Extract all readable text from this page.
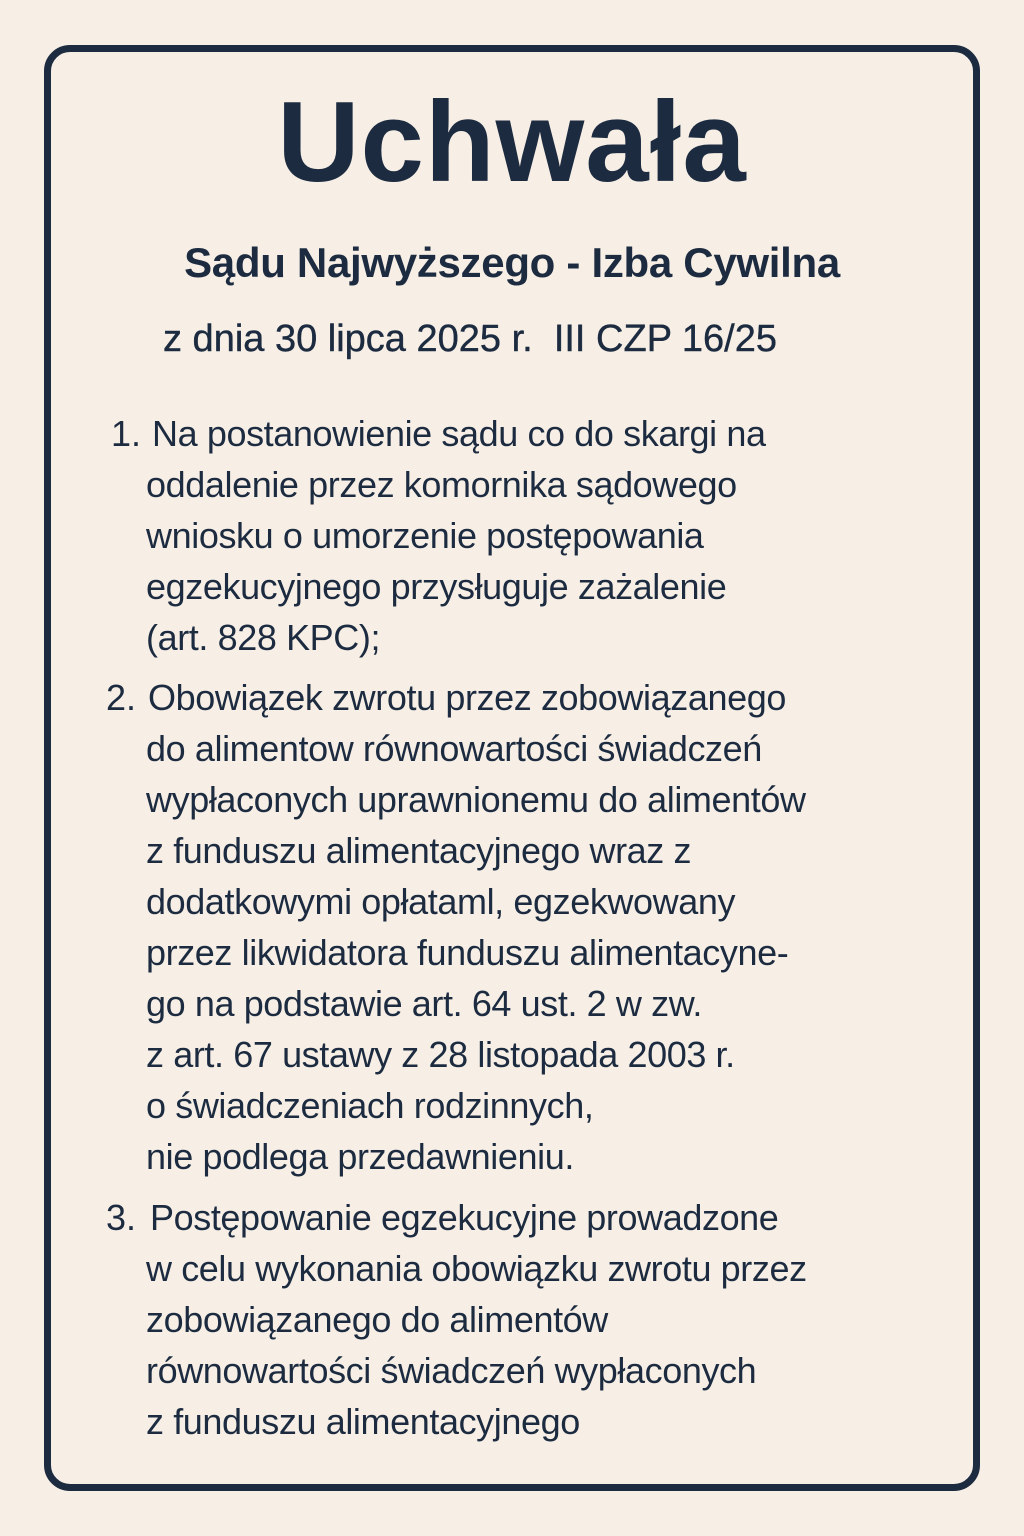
Uchwała
Sądu Najwyższego - Izba Cywilna
z dnia 30 lipca 2025 r.  III CZP 16/25
1. Na postanowienie sądu co do skargi na
oddalenie przez komornika sądowego
wniosku o umorzenie postępowania
egzekucyjnego przysługuje zażalenie
(art. 828 KPC);
2. Obowiązek zwrotu przez zobowiązanego
do alimentow równowartości świadczeń
wypłaconych uprawnionemu do alimentów
z funduszu alimentacyjnego wraz z
dodatkowymi opłataml, egzekwowany
przez likwidatora funduszu alimentacyne-
go na podstawie art. 64 ust. 2 w zw.
z art. 67 ustawy z 28 listopada 2003 r.
o świadczeniach rodzinnych,
nie podlega przedawnieniu.
3. Postępowanie egzekucyjne prowadzone
w celu wykonania obowiązku zwrotu przez
zobowiązanego do alimentów
równowartości świadczeń wypłaconych
z funduszu alimentacyjnego
